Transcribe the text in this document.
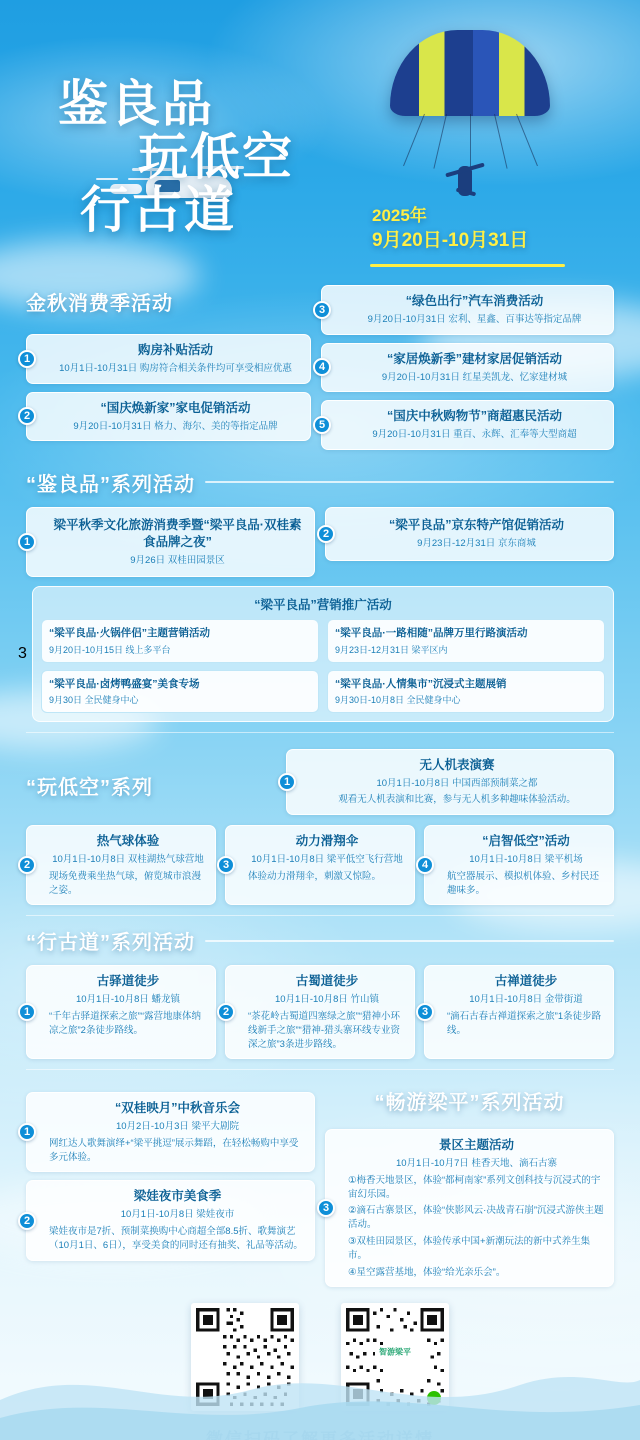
鉴良品
玩低空
行古道	2025年
9月20日-10月31日
金秋消费季活动
1
购房补贴活动
10月1日-10月31日 购房符合相关条件均可享受相应优惠
2
“国庆焕新家”家电促销活动
9月20日-10月31日 格力、海尔、美的等指定品牌
3
“绿色出行”汽车消费活动
9月20日-10月31日 宏利、星鑫、百事达等指定品牌
4
“家居焕新季”建材家居促销活动
9月20日-10月31日 红星美凯龙、忆家建材城
5
“国庆中秋购物节”商超惠民活动
9月20日-10月31日 重百、永辉、汇奉等大型商超
“鉴良品”系列活动
1
梁平秋季文化旅游消费季暨“梁平良品·双桂素食品牌之夜”
9月26日 双桂田园景区
2
“梁平良品”京东特产馆促销活动
9月23日-12月31日 京东商城
3
“梁平良品”营销推广活动
“梁平良品·火锅伴侣”主题营销活动
9月20日-10月15日 线上多平台
“梁平良品·一路相随”品牌万里行路演活动
9月23日-12月31日 梁平区内
“梁平良品·卤烤鸭盛宴”美食专场
9月30日 全民健身中心
“梁平良品·人情集市”沉浸式主题展销
9月30日-10月8日 全民健身中心
“玩低空”系列	1
无人机表演赛
10月1日-10月8日 中国西部预制菜之都
观看无人机表演和比赛，参与无人机多种趣味体验活动。
2
热气球体验
10月1日-10月8日 双桂湖热气球营地
现场免费乘坐热气球，俯览城市浪漫之姿。
3
动力滑翔伞
10月1日-10月8日 梁平低空飞行营地
体验动力滑翔伞，刺激又惊险。
4
“启智低空”活动
10月1日-10月8日 梁平机场
航空器展示、模拟机体验、乡村民还趣味多。
“行古道”系列活动
1
古驿道徒步
10月1日-10月8日 蟠龙镇
“千年古驿道探索之旅”“露营地康体纳凉之旅”2条徒步路线。
2
古蜀道徒步
10月1日-10月8日 竹山镇
“茶花岭古蜀道四塞绿之旅”“猎神小环线新手之旅”“猎神-猎头寨环线专业资深之旅”3条进步路线。
3
古禅道徒步
10月1日-10月8日 金带街道
“滴石古春古禅道探索之旅”1条徒步路线。
1
“双桂映月”中秋音乐会
10月2日-10月3日 梁平大剧院
网红达人歌舞演绎+“梁平挑逗”展示舞蹈，在轻松畅购中享受多元体验。
2
梁娃夜市美食季
10月1日-10月8日 梁娃夜市
梁娃夜市是7折、预制菜换购中心商超全部8.5折、歌舞演艺（10月1日、6日），享受美食的同时还有抽奖、礼品等活动。
“畅游梁平”系列活动
3
景区主题活动
10月1日-10月7日 桂香天地、滴石古寨
①梅香天地景区，体验“都柯南家”系列文创科技与沉浸式的宇宙幻乐园。
②滴石古寨景区，体验“侠影风云·决战青石崩”沉浸式游侠主题活动。
③双桂田园景区，体验传承中国+新潮玩法的新中式养生集市。
④星空露营基地，体验“给光亲乐会”。
智游梁平
